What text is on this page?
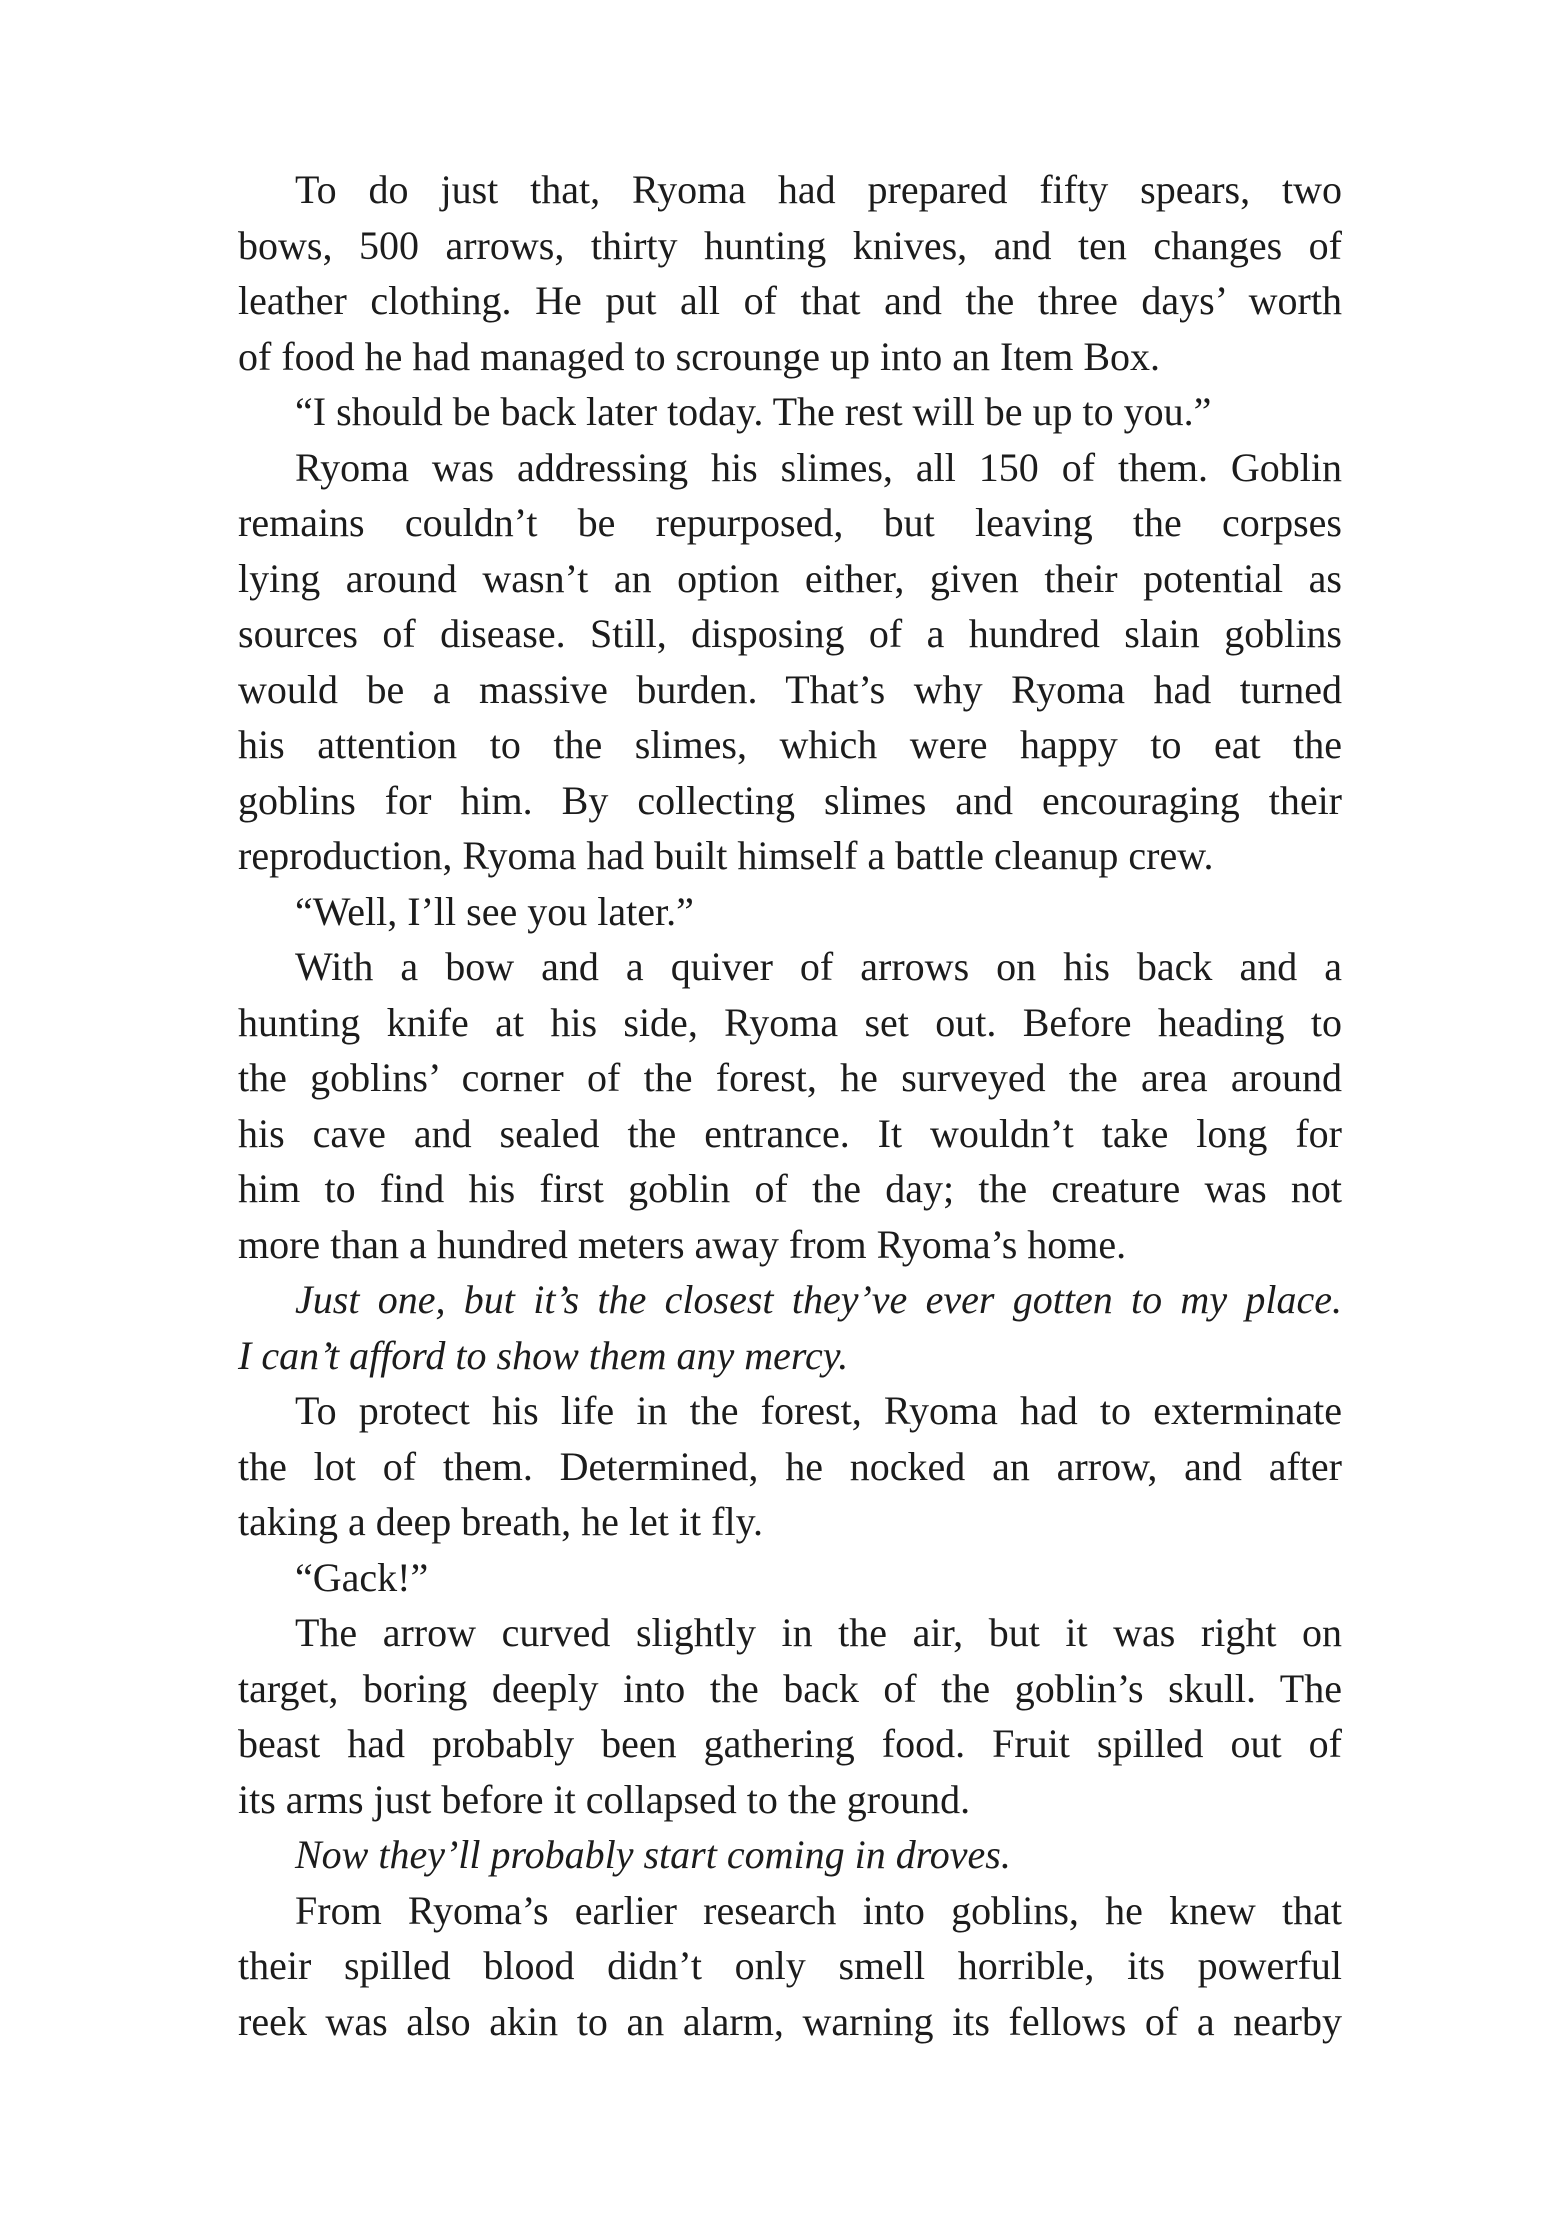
To do just that, Ryoma had prepared fifty spears, two
bows, 500 arrows, thirty hunting knives, and ten changes of
leather clothing. He put all of that and the three days’ worth
of food he had managed to scrounge up into an Item Box.
“I should be back later today. The rest will be up to you.”
Ryoma was addressing his slimes, all 150 of them. Goblin
remains couldn’t be repurposed, but leaving the corpses
lying around wasn’t an option either, given their potential as
sources of disease. Still, disposing of a hundred slain goblins
would be a massive burden. That’s why Ryoma had turned
his attention to the slimes, which were happy to eat the
goblins for him. By collecting slimes and encouraging their
reproduction, Ryoma had built himself a battle cleanup crew.
“Well, I’ll see you later.”
With a bow and a quiver of arrows on his back and a
hunting knife at his side, Ryoma set out. Before heading to
the goblins’ corner of the forest, he surveyed the area around
his cave and sealed the entrance. It wouldn’t take long for
him to find his first goblin of the day; the creature was not
more than a hundred meters away from Ryoma’s home.
Just one, but it’s the closest they’ve ever gotten to my place.
I can’t afford to show them any mercy.
To protect his life in the forest, Ryoma had to exterminate
the lot of them. Determined, he nocked an arrow, and after
taking a deep breath, he let it fly.
“Gack!”
The arrow curved slightly in the air, but it was right on
target, boring deeply into the back of the goblin’s skull. The
beast had probably been gathering food. Fruit spilled out of
its arms just before it collapsed to the ground.
Now they’ll probably start coming in droves.
From Ryoma’s earlier research into goblins, he knew that
their spilled blood didn’t only smell horrible, its powerful
reek was also akin to an alarm, warning its fellows of a nearby
